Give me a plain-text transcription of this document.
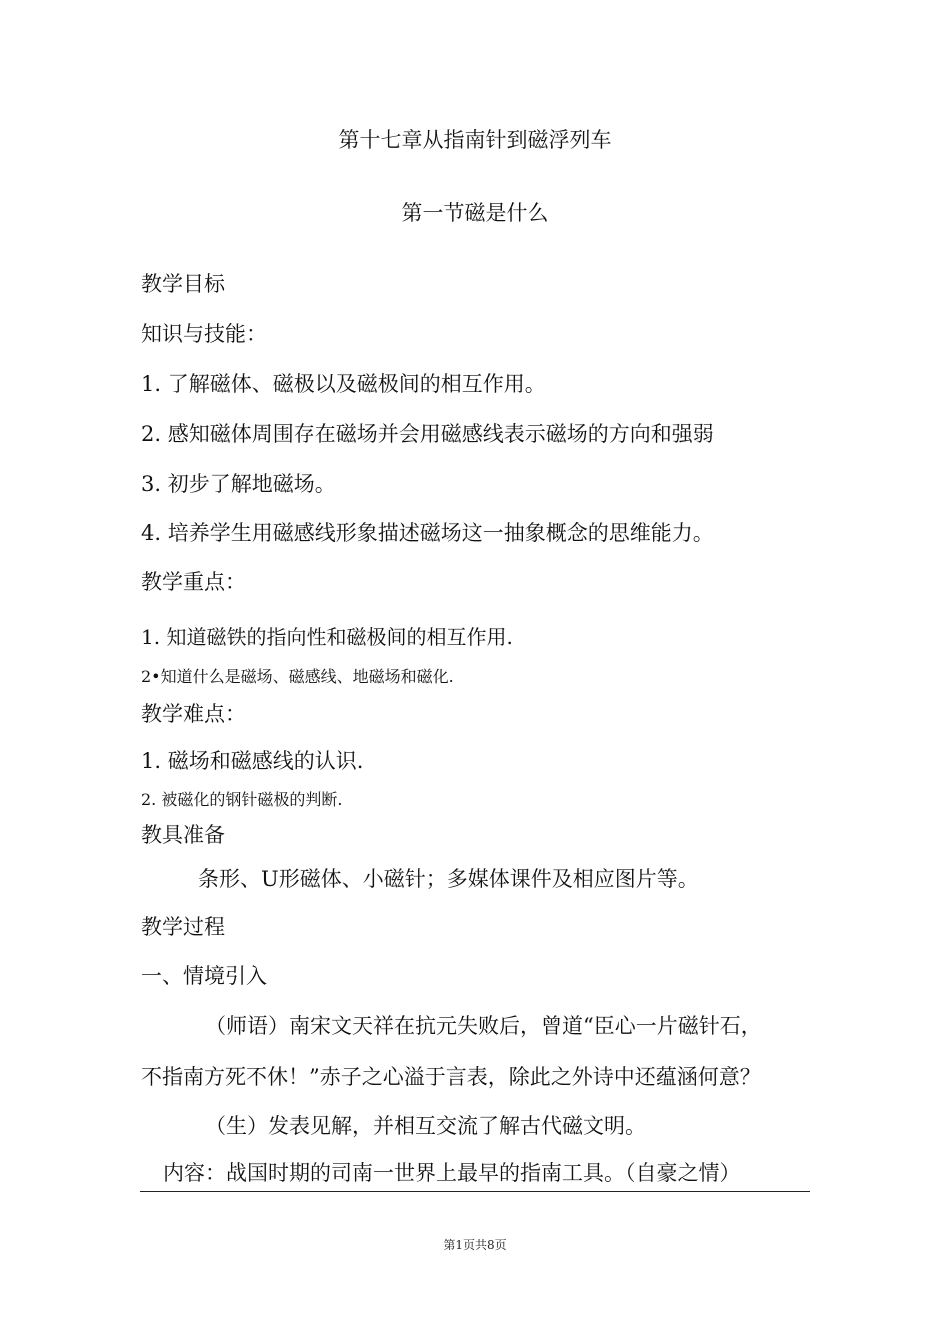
第十七章从指南针到磁浮列车
第一节磁是什么
教学目标
知识与技能：
1. 了解磁体、磁极以及磁极间的相互作用。
2. 感知磁体周围存在磁场并会用磁感线表示磁场的方向和强弱
3. 初步了解地磁场。
4. 培养学生用磁感线形象描述磁场这一抽象概念的思维能力。
教学重点：
1. 知道磁铁的指向性和磁极间的相互作用.
2•知道什么是磁场、磁感线、地磁场和磁化.
教学难点：
1. 磁场和磁感线的认识.
2. 被磁化的钢针磁极的判断.
教具准备
条形、U形磁体、小磁针；多媒体课件及相应图片等。
教学过程
一、情境引入
（师语）南宋文天祥在抗元失败后，曾道“臣心一片磁针石，
不指南方死不休！”赤子之心溢于言表，除此之外诗中还蕴涵何意？
（生）发表见解，并相互交流了解古代磁文明。
内容：战国时期的司南一世界上最早的指南工具。（自豪之情）
第1页共8页
